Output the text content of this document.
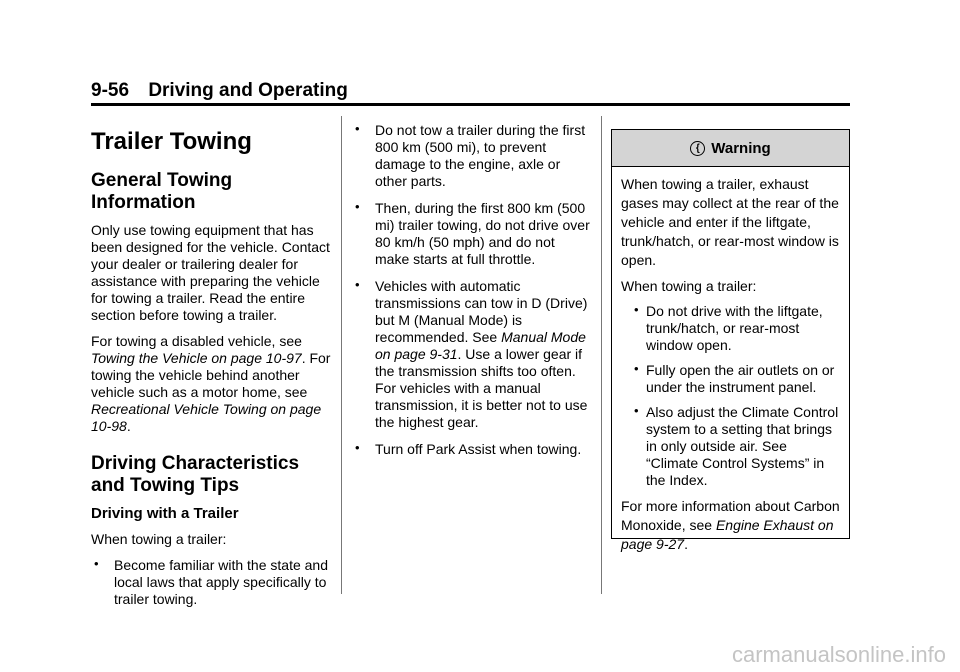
9-56 Driving and Operating
Trailer Towing
General Towing Information

Only use towing equipment that has been designed for the vehicle. Contact your dealer or trailering dealer for assistance with preparing the vehicle for towing a trailer. Read the entire section before towing a trailer.

For towing a disabled vehicle, see Towing the Vehicle on page 10-97. For towing the vehicle behind another vehicle such as a motor home, see Recreational Vehicle Towing on page 10-98.

Driving Characteristics and Towing Tips
Driving with a Trailer

When towing a trailer:

• Become familiar with the state and local laws that apply specifically to trailer towing.
• Do not tow a trailer during the first 800 km (500 mi), to prevent damage to the engine, axle or other parts.
• Then, during the first 800 km (500 mi) trailer towing, do not drive over 80 km/h (50 mph) and do not make starts at full throttle.
• Vehicles with automatic transmissions can tow in D (Drive) but M (Manual Mode) is recommended. See Manual Mode on page 9-31. Use a lower gear if the transmission shifts too often. For vehicles with a manual transmission, it is better not to use the highest gear.
• Turn off Park Assist when towing.
{ Warning

When towing a trailer, exhaust gases may collect at the rear of the vehicle and enter if the liftgate, trunk/hatch, or rear-most window is open.

When towing a trailer:

• Do not drive with the liftgate, trunk/hatch, or rear-most window open.
• Fully open the air outlets on or under the instrument panel.
• Also adjust the Climate Control system to a setting that brings in only outside air. See “Climate Control Systems” in the Index.

For more information about Carbon Monoxide, see Engine Exhaust on page 9-27.

carmanualsonline.info
